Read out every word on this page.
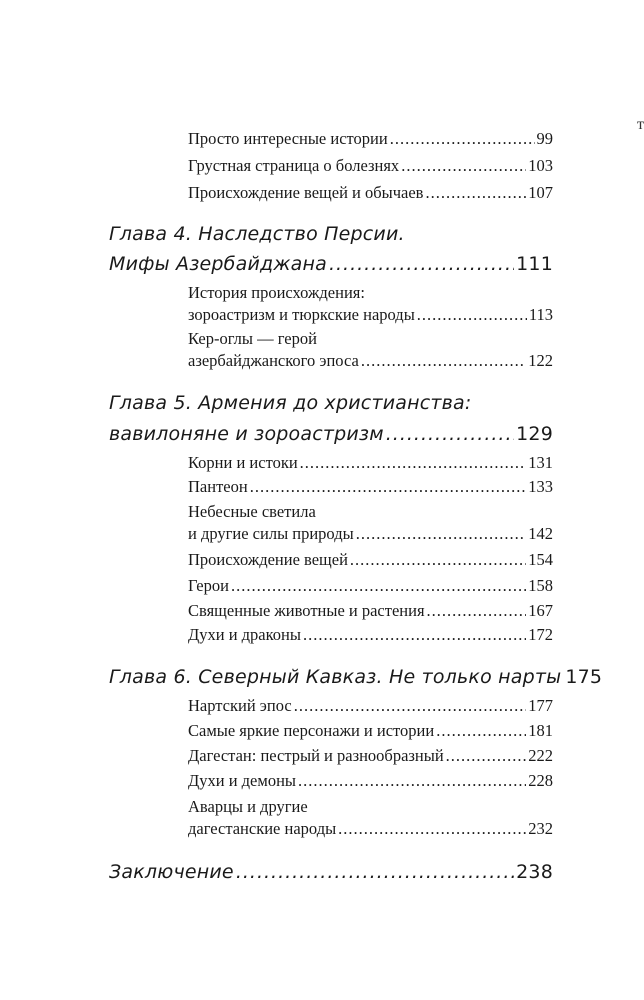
т
Просто интересные истории .....	99
Грустная страница о болезнях .....	103
Происхождение вещей и обычаев .....	107
Глава 4. Наследство Персии.
Мифы Азербайджана .....	111
История происхождения:
зороастризм и тюркские народы .....	113
Кер-оглы — герой
азербайджанского эпоса .....	122
Глава 5. Армения до христианства:
вавилоняне и зороастризм .....	129
Корни и истоки .....	131
Пантеон .....	133
Небесные светила
и другие силы природы .....	142
Происхождение вещей .....	154
Герои .....	158
Священные животные и растения .....	167
Духи и драконы .....	172
Глава 6. Северный Кавказ. Не только нарты 175
Нартский эпос .....	177
Самые яркие персонажи и истории .....	181
Дагестан: пестрый и разнообразный .....	222
Духи и демоны .....	228
Аварцы и другие
дагестанские народы .....	232
Заключение .....	238
